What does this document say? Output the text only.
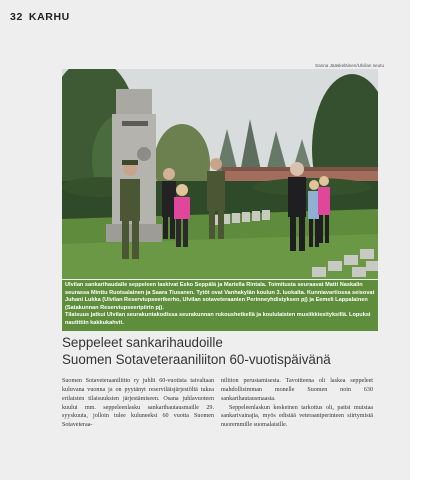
32 KARHU
Sanna Jääskeläinen/Ulvilan seutu

Ulvilan sankarihaudalle seppeleen laskivat Esko Seppälä ja Mariella Rintala. Toimitusta seuraavat Matti Naskalin seurassa Minttu Ruotsalainen ja Saara Tiusanen. Tytöt ovat Vanhakylän koulun 3. luokalta. Kunniavartiossa seisovat Juhani Lukka (Ulvilan Reserviupseerikerho, Ulvilan sotaveteraanien Perinneyhdistyksen pj) ja Eemeli Lappalainen (Satakunnan Reserviupseeripiirin pj).

Tilaisuus jatkui Ulvilan seurakuntakodissa seurakunnan rukoushetkellä ja koululaisten musiikkiesityksillä. Lopuksi nautittiin kakkukahvit.

Seppeleet sankarihaudoille
Suomen Sotaveteraaniliiton 60-vuotispäivänä

Suomen Sotaveteraaniliitto ry juhlii 60-vuotista taivaltaan kuluvana vuonna ja on pyytänyt reserviläisjärjestöltä tukea erilaisten tilaisuuksien järjestämiseen. Osana juhlavuoteen kuului mm. seppeleenlasku sankarihautausmaille 29. syyskuuta, jolloin tulee kuluneeksi 60 vuotta Suomen Sotaveteraa-

niliiton perustamisesta. Tavoitteena oli laskea seppeleet mahdollisimman monelle Suomen noin 630 sankarihautausmaasta.

Seppeleenlaskun keskeinen tarkoitus oli, paitsi muistaa sankarivainajia, myös edistää veteraaniperinteen siirtymistä nuoremmille suomalaisille.
